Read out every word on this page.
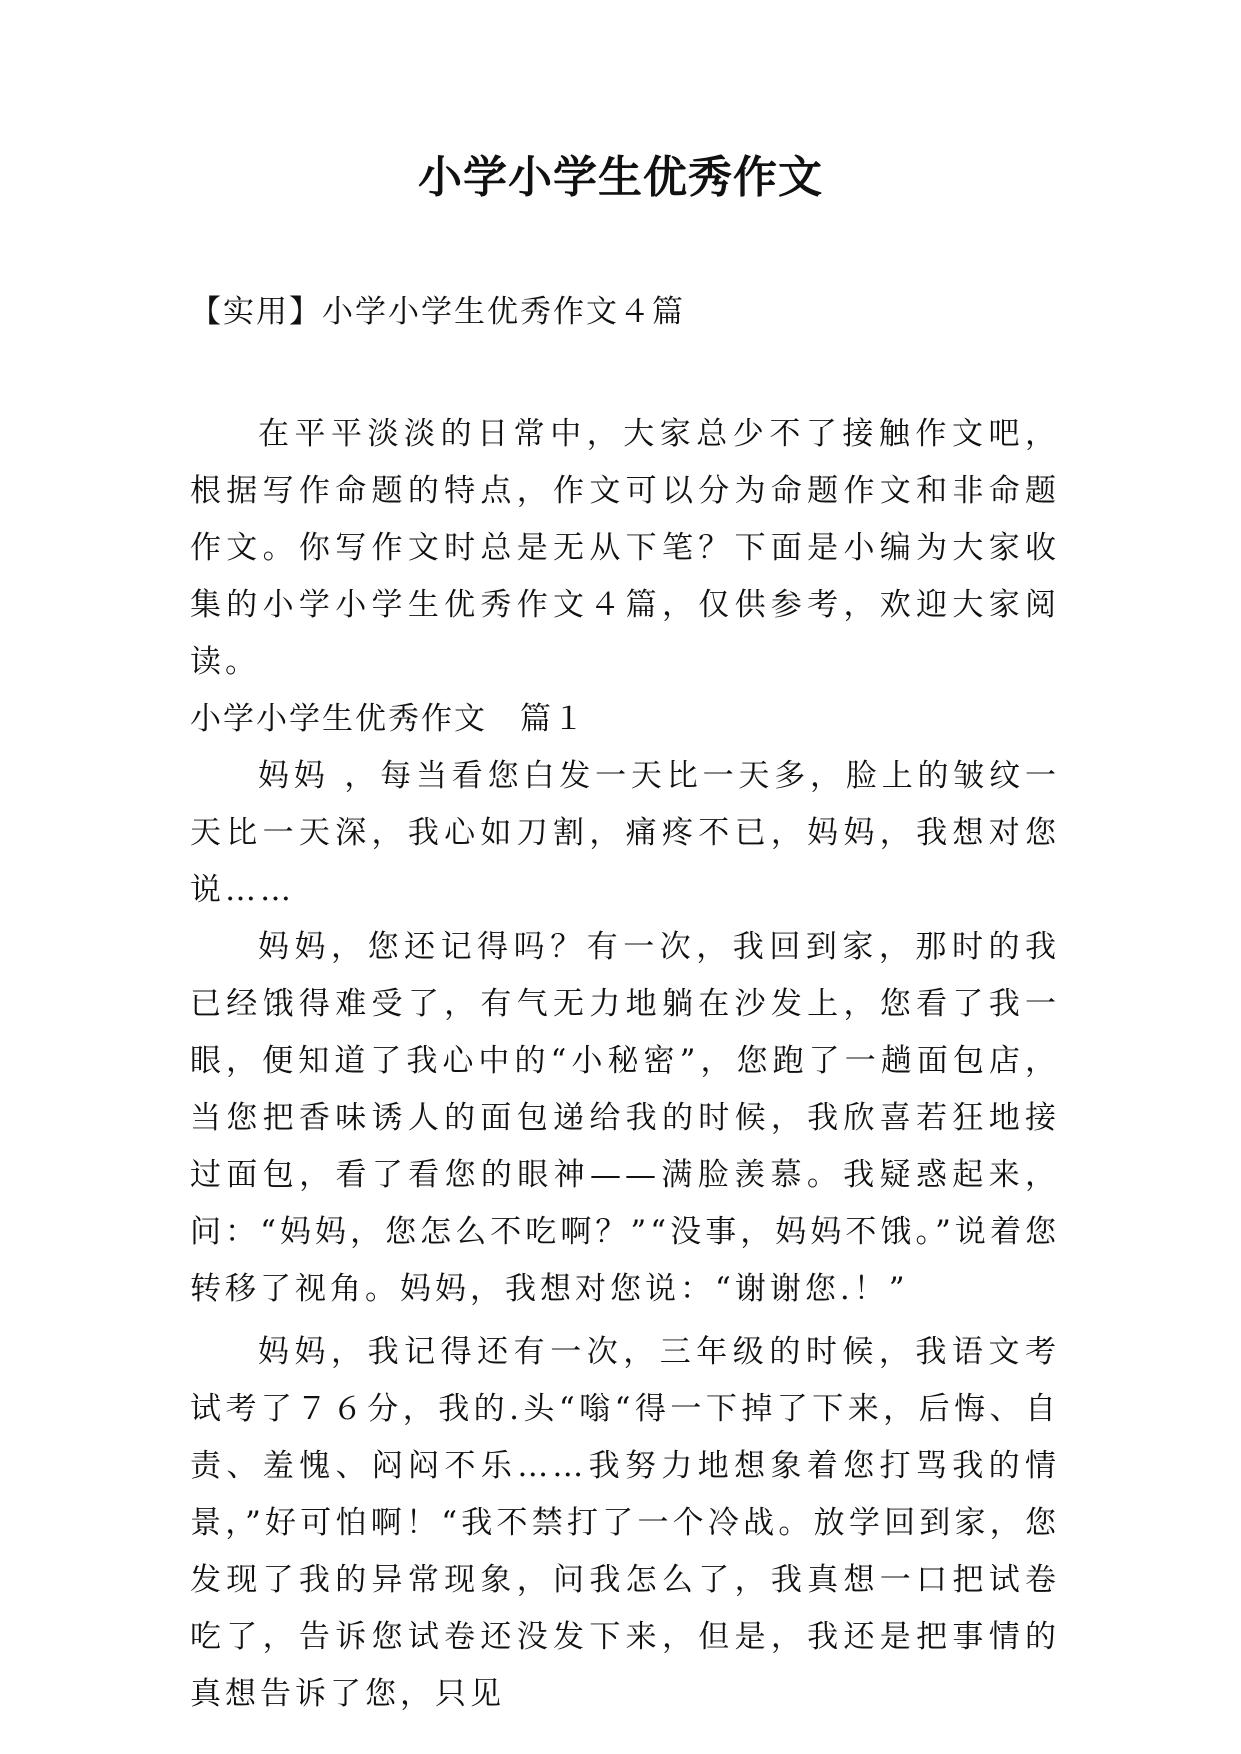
小学小学生优秀作文

【实用】小学小学生优秀作文４篇

在平平淡淡的日常中，大家总少不了接触作文吧，根据写作命题的特点，作文可以分为命题作文和非命题作文。你写作文时总是无从下笔？下面是小编为大家收集的小学小学生优秀作文４篇，仅供参考，欢迎大家阅读。

小学小学生优秀作文　篇１

妈妈 ，每当看您白发一天比一天多，脸上的皱纹一天比一天深，我心如刀割，痛疼不已，妈妈，我想对您说……

妈妈，您还记得吗？有一次，我回到家，那时的我已经饿得难受了，有气无力地躺在沙发上，您看了我一眼，便知道了我心中的“小秘密”，您跑了一趟面包店，当您把香味诱人的面包递给我的时候，我欣喜若狂地接过面包，看了看您的眼神——满脸羡慕。我疑惑起来，问：“妈妈，您怎么不吃啊？”“没事，妈妈不饿。”说着您转移了视角。妈妈，我想对您说：“谢谢您.！”

妈妈，我记得还有一次，三年级的时候，我语文考试考了７６分，我的.头“嗡“得一下掉了下来，后悔、自责、羞愧、闷闷不乐……我努力地想象着您打骂我的情景，”好可怕啊！“我不禁打了一个冷战。放学回到家，您发现了我的异常现象，问我怎么了，我真想一口把试卷吃了，告诉您试卷还没发下来，但是，我还是把事情的真想告诉了您，只见
